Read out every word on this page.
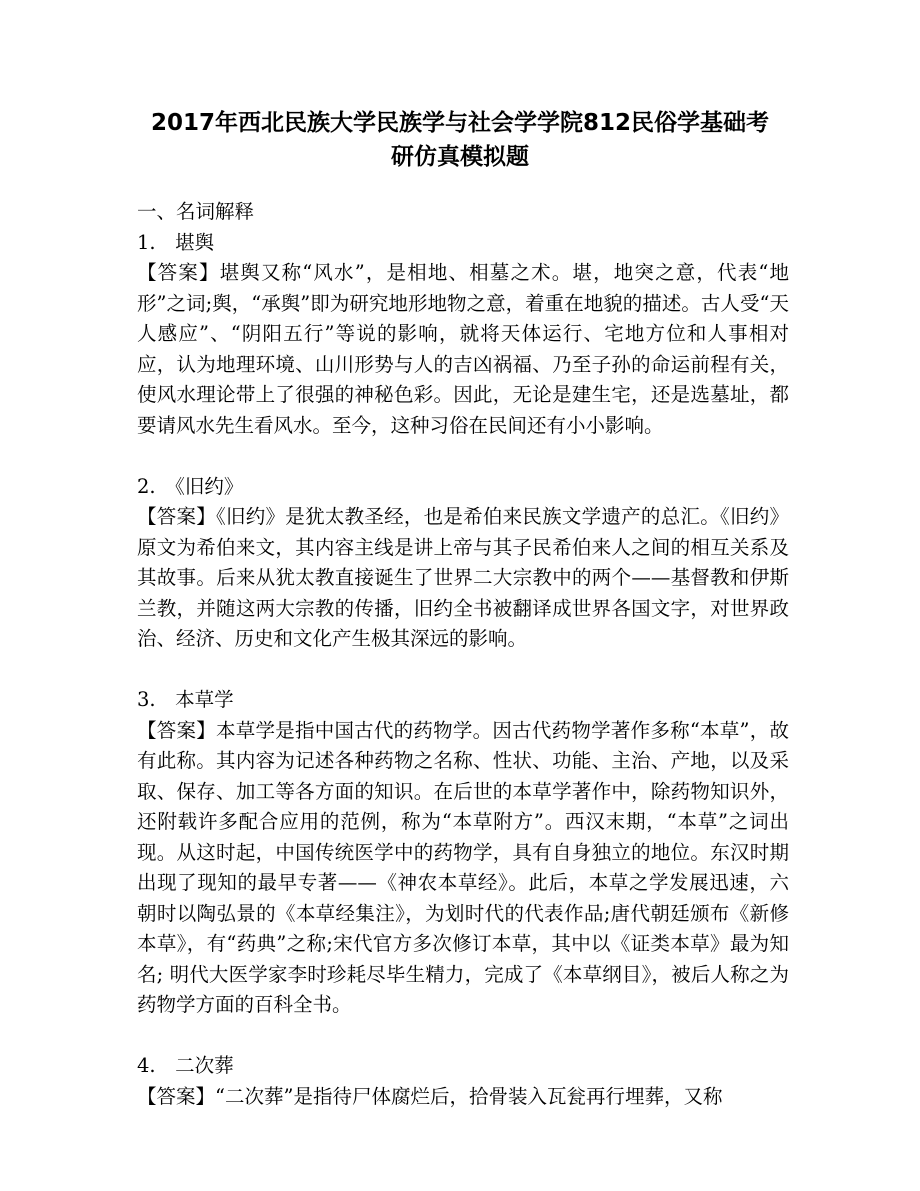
2017年西北民族大学民族学与社会学学院812民俗学基础考
研仿真模拟题

一、名词解释

1.　堪舆

【答案】堪舆又称“风水”，是相地、相墓之术。堪，地突之意，代表“地形”之词;舆，“承舆”即为研究地形地物之意，着重在地貌的描述。古人受“天人感应”、“阴阳五行”等说的影响，就将天体运行、宅地方位和人事相对应，认为地理环境、山川形势与人的吉凶祸福、乃至子孙的命运前程有关，使风水理论带上了很强的神秘色彩。因此，无论是建生宅，还是选墓址，都要请风水先生看风水。至今，这种习俗在民间还有小小影响。

2.　《旧约》

【答案】《旧约》是犹太教圣经，也是希伯来民族文学遗产的总汇。《旧约》原文为希伯来文，其内容主线是讲上帝与其子民希伯来人之间的相互关系及其故事。后来从犹太教直接诞生了世界二大宗教中的两个——基督教和伊斯兰教，并随这两大宗教的传播，旧约全书被翻译成世界各国文字，对世界政治、经济、历史和文化产生极其深远的影响。

3.　本草学

【答案】本草学是指中国古代的药物学。因古代药物学著作多称“本草”，故有此称。其内容为记述各种药物之名称、性状、功能、主治、产地，以及采取、保存、加工等各方面的知识。在后世的本草学著作中，除药物知识外，还附载许多配合应用的范例，称为“本草附方”。西汉末期，“本草”之词出现。从这时起，中国传统医学中的药物学，具有自身独立的地位。东汉时期出现了现知的最早专著——《神农本草经》。此后，本草之学发展迅速，六朝时以陶弘景的《本草经集注》，为划时代的代表作品;唐代朝廷颁布《新修本草》，有“药典”之称;宋代官方多次修订本草，其中以《证类本草》最为知名; 明代大医学家李时珍耗尽毕生精力，完成了《本草纲目》，被后人称之为药物学方面的百科全书。

4.　二次葬

【答案】“二次葬”是指待尸体腐烂后，拾骨装入瓦瓮再行埋葬，又称
